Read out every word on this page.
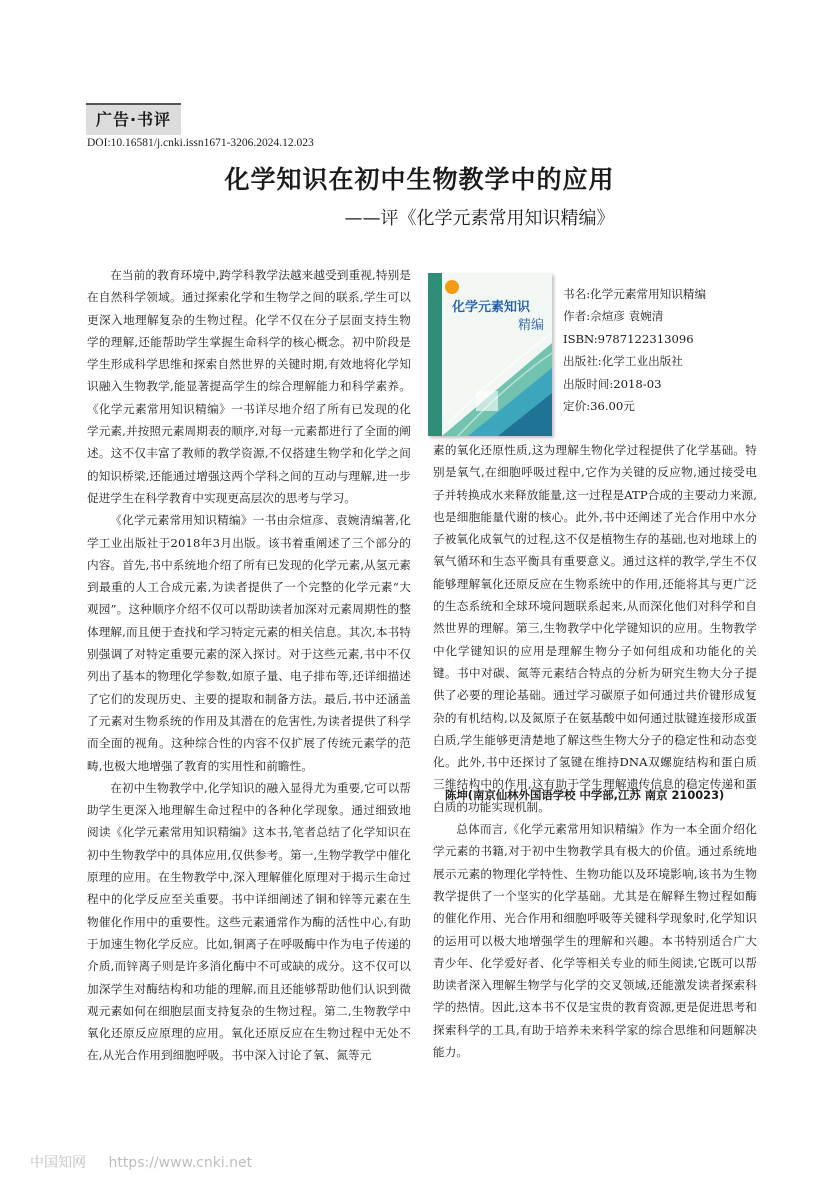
广告·书评
DOI:10.16581/j.cnki.issn1671-3206.2024.12.023
化学知识在初中生物教学中的应用
——评《化学元素常用知识精编》

在当前的教育环境中,跨学科教学法越来越受到重视,特别是在自然科学领域。通过探索化学和生物学之间的联系,学生可以更深入地理解复杂的生物过程。化学不仅在分子层面支持生物学的理解,还能帮助学生掌握生命科学的核心概念。初中阶段是学生形成科学思维和探索自然世界的关键时期,有效地将化学知识融入生物教学,能显著提高学生的综合理解能力和科学素养。《化学元素常用知识精编》一书详尽地介绍了所有已发现的化学元素,并按照元素周期表的顺序,对每一元素都进行了全面的阐述。这不仅丰富了教师的教学资源,不仅搭建生物学和化学之间的知识桥梁,还能通过增强这两个学科之间的互动与理解,进一步促进学生在科学教育中实现更高层次的思考与学习。

《化学元素常用知识精编》一书由佘煊彦、袁婉清编著,化学工业出版社于2018年3月出版。该书着重阐述了三个部分的内容。首先,书中系统地介绍了所有已发现的化学元素,从氢元素到最重的人工合成元素,为读者提供了一个完整的化学元素“大观园”。这种顺序介绍不仅可以帮助读者加深对元素周期性的整体理解,而且便于查找和学习特定元素的相关信息。其次,本书特别强调了对特定重要元素的深入探讨。对于这些元素,书中不仅列出了基本的物理化学参数,如原子量、电子排布等,还详细描述了它们的发现历史、主要的提取和制备方法。最后,书中还涵盖了元素对生物系统的作用及其潜在的危害性,为读者提供了科学而全面的视角。这种综合性的内容不仅扩展了传统元素学的范畴,也极大地增强了教育的实用性和前瞻性。

在初中生物教学中,化学知识的融入显得尤为重要,它可以帮助学生更深入地理解生命过程中的各种化学现象。通过细致地阅读《化学元素常用知识精编》这本书,笔者总结了化学知识在初中生物教学中的具体应用,仅供参考。第一,生物学教学中催化原理的应用。在生物教学中,深入理解催化原理对于揭示生命过程中的化学反应至关重要。书中详细阐述了铜和锌等元素在生物催化作用中的重要性。这些元素通常作为酶的活性中心,有助于加速生物化学反应。比如,铜离子在呼吸酶中作为电子传递的介质,而锌离子则是许多消化酶中不可或缺的成分。这不仅可以加深学生对酶结构和功能的理解,而且还能够帮助他们认识到微观元素如何在细胞层面支持复杂的生物过程。第二,生物教学中氧化还原反应原理的应用。氧化还原反应在生物过程中无处不在,从光合作用到细胞呼吸。书中深入讨论了氧、氮等元

化学元素知识
精编
书名:化学元素常用知识精编
作者:佘煊彦 袁婉清
ISBN:9787122313096
出版社:化学工业出版社
出版时间:2018-03
定价:36.00元

素的氧化还原性质,这为理解生物化学过程提供了化学基础。特别是氧气,在细胞呼吸过程中,它作为关键的反应物,通过接受电子并转换成水来释放能量,这一过程是ATP合成的主要动力来源,也是细胞能量代谢的核心。此外,书中还阐述了光合作用中水分子被氧化成氧气的过程,这不仅是植物生存的基础,也对地球上的氧气循环和生态平衡具有重要意义。通过这样的教学,学生不仅能够理解氧化还原反应在生物系统中的作用,还能将其与更广泛的生态系统和全球环境问题联系起来,从而深化他们对科学和自然世界的理解。第三,生物教学中化学键知识的应用。生物教学中化学键知识的应用是理解生物分子如何组成和功能化的关键。书中对碳、氮等元素结合特点的分析为研究生物大分子提供了必要的理论基础。通过学习碳原子如何通过共价键形成复杂的有机结构,以及氮原子在氨基酸中如何通过肽键连接形成蛋白质,学生能够更清楚地了解这些生物大分子的稳定性和动态变化。此外,书中还探讨了氢键在维持DNA双螺旋结构和蛋白质三维结构中的作用,这有助于学生理解遗传信息的稳定传递和蛋白质的功能实现机制。

总体而言,《化学元素常用知识精编》作为一本全面介绍化学元素的书籍,对于初中生物教学具有极大的价值。通过系统地展示元素的物理化学特性、生物功能以及环境影响,该书为生物教学提供了一个坚实的化学基础。尤其是在解释生物过程如酶的催化作用、光合作用和细胞呼吸等关键科学现象时,化学知识的运用可以极大地增强学生的理解和兴趣。本书特别适合广大青少年、化学爱好者、化学等相关专业的师生阅读,它既可以帮助读者深入理解生物学与化学的交叉领域,还能激发读者探索科学的热情。因此,这本书不仅是宝贵的教育资源,更是促进思考和探索科学的工具,有助于培养未来科学家的综合思维和问题解决能力。

陈坤(南京仙林外国语学校 中学部,江苏 南京 210023)
中国知网 https://www.cnki.net
